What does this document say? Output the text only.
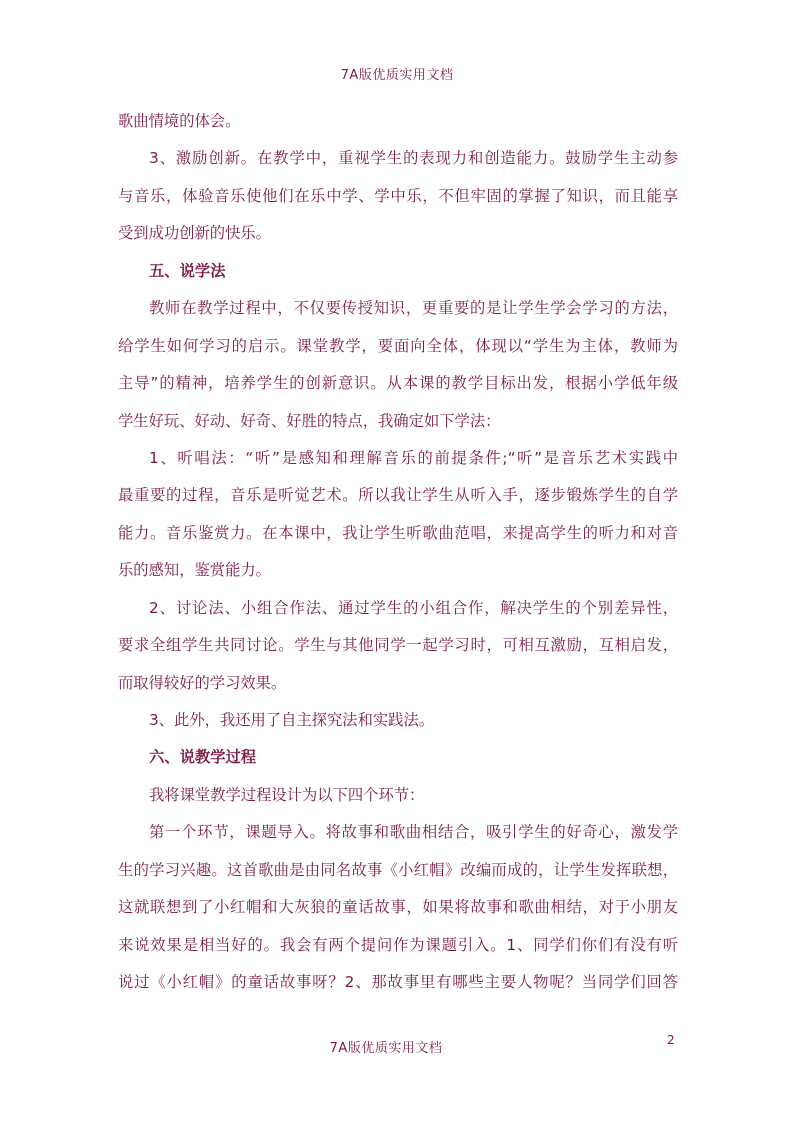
7A版优质实用文档
歌曲情境的体会。
3、激励创新。在教学中，重视学生的表现力和创造能力。鼓励学生主动参
与音乐，体验音乐使他们在乐中学、学中乐，不但牢固的掌握了知识，而且能享
受到成功创新的快乐。
五、说学法
教师在教学过程中，不仅要传授知识，更重要的是让学生学会学习的方法，
给学生如何学习的启示。课堂教学，要面向全体，体现以“学生为主体，教师为
主导”的精神，培养学生的创新意识。从本课的教学目标出发，根据小学低年级
学生好玩、好动、好奇、好胜的特点，我确定如下学法：
1、听唱法：“听”是感知和理解音乐的前提条件;“听”是音乐艺术实践中
最重要的过程，音乐是听觉艺术。所以我让学生从听入手，逐步锻炼学生的自学
能力。音乐鉴赏力。在本课中，我让学生听歌曲范唱，来提高学生的听力和对音
乐的感知，鉴赏能力。
2、讨论法、小组合作法、通过学生的小组合作，解决学生的个别差异性，
要求全组学生共同讨论。学生与其他同学一起学习时，可相互激励，互相启发，
而取得较好的学习效果。
3、此外，我还用了自主探究法和实践法。
六、说教学过程
我将课堂教学过程设计为以下四个环节：
第一个环节，课题导入。将故事和歌曲相结合，吸引学生的好奇心，激发学
生的学习兴趣。这首歌曲是由同名故事《小红帽》改编而成的，让学生发挥联想，
这就联想到了小红帽和大灰狼的童话故事，如果将故事和歌曲相结，对于小朋友
来说效果是相当好的。我会有两个提问作为课题引入。1、同学们你们有没有听
说过《小红帽》的童话故事呀？2、那故事里有哪些主要人物呢？当同学们回答
2
7A版优质实用文档
